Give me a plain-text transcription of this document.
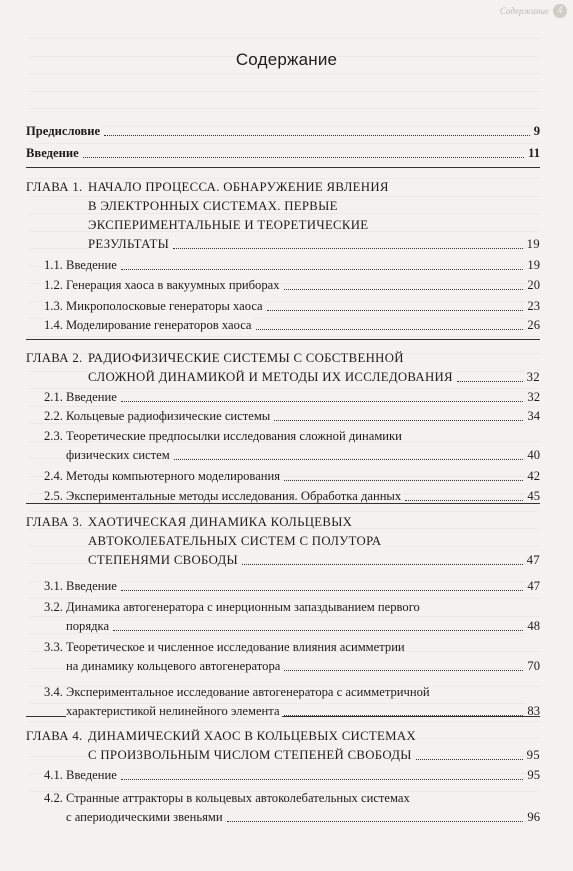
Содержание 4
Содержание
Предисловие	9
Введение	11
ГЛАВА 1. НАЧАЛО ПРОЦЕССА. ОБНАРУЖЕНИЕ ЯВЛЕНИЯ
В ЭЛЕКТРОННЫХ СИСТЕМАХ. ПЕРВЫЕ
ЭКСПЕРИМЕНТАЛЬНЫЕ И ТЕОРЕТИЧЕСКИЕ
РЕЗУЛЬТАТЫ	19
1.1. Введение	19
1.2. Генерация хаоса в вакуумных приборах	20
1.3. Микрополосковые генераторы хаоса	23
1.4. Моделирование генераторов хаоса	26
ГЛАВА 2. РАДИОФИЗИЧЕСКИЕ СИСТЕМЫ С СОБСТВЕННОЙ
СЛОЖНОЙ ДИНАМИКОЙ И МЕТОДЫ ИХ ИССЛЕДОВАНИЯ	32
2.1. Введение	32
2.2. Кольцевые радиофизические системы	34
2.3. Теоретические предпосылки исследования сложной динамики
физических систем	40
2.4. Методы компьютерного моделирования	42
2.5. Экспериментальные методы исследования. Обработка данных	45
ГЛАВА 3. ХАОТИЧЕСКАЯ ДИНАМИКА КОЛЬЦЕВЫХ
АВТОКОЛЕБАТЕЛЬНЫХ СИСТЕМ С ПОЛУТОРА
СТЕПЕНЯМИ СВОБОДЫ	47
3.1. Введение	47
3.2. Динамика автогенератора с инерционным запаздыванием первого
порядка	48
3.3. Теоретическое и численное исследование влияния асимметрии
на динамику кольцевого автогенератора	70
3.4. Экспериментальное исследование автогенератора с асимметричной
характеристикой нелинейного элемента	83
ГЛАВА 4. ДИНАМИЧЕСКИЙ ХАОС В КОЛЬЦЕВЫХ СИСТЕМАХ
С ПРОИЗВОЛЬНЫМ ЧИСЛОМ СТЕПЕНЕЙ СВОБОДЫ	95
4.1. Введение	95
4.2. Странные аттракторы в кольцевых автоколебательных системах
с апериодическими звеньями	96
